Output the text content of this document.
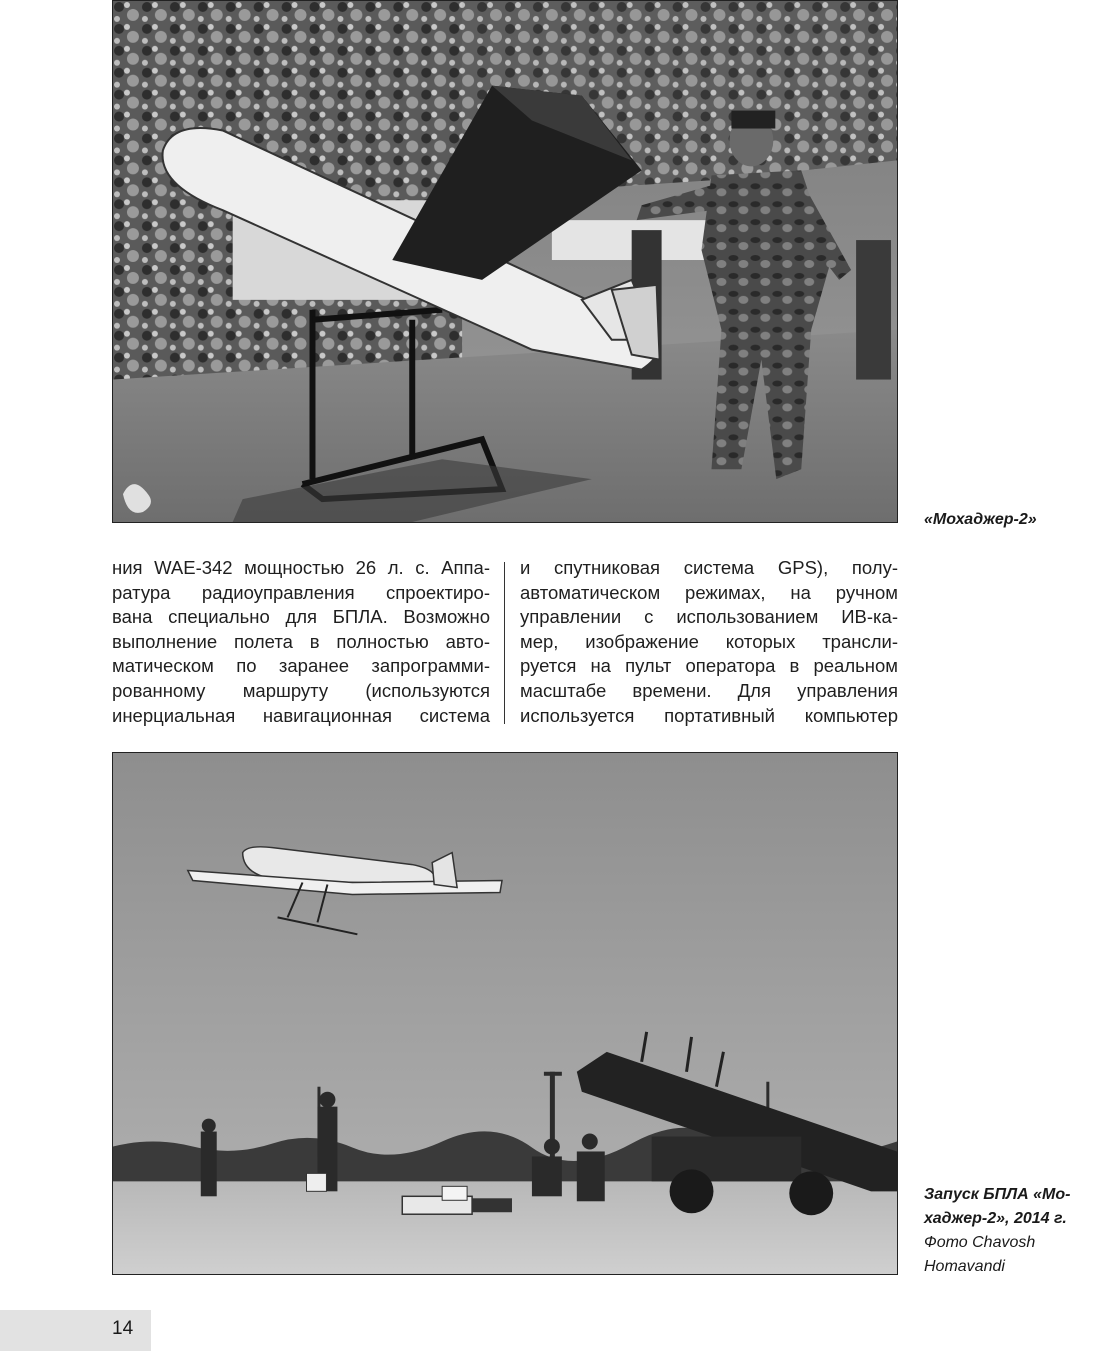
«Мохаджер-2»
ния WAE-342 мощностью 26 л. с. Аппа-
ратура радиоуправления спроектиро-
вана специально для БПЛА. Возможно
выполнение полета в полностью авто-
матическом по заранее запрограмми-
рованному маршруту (используются
инерциальная навигационная система
и спутниковая система GPS), полу-
автоматическом режимах, на ручном
управлении с использованием ИВ-ка-
мер, изображение которых трансли-
руется на пульт оператора в реальном
масштабе времени. Для управления
используется портативный компьютер
Запуск БПЛА «Мо-
хаджер-2», 2014 г.
Фото Chavosh
Homavandi
14
